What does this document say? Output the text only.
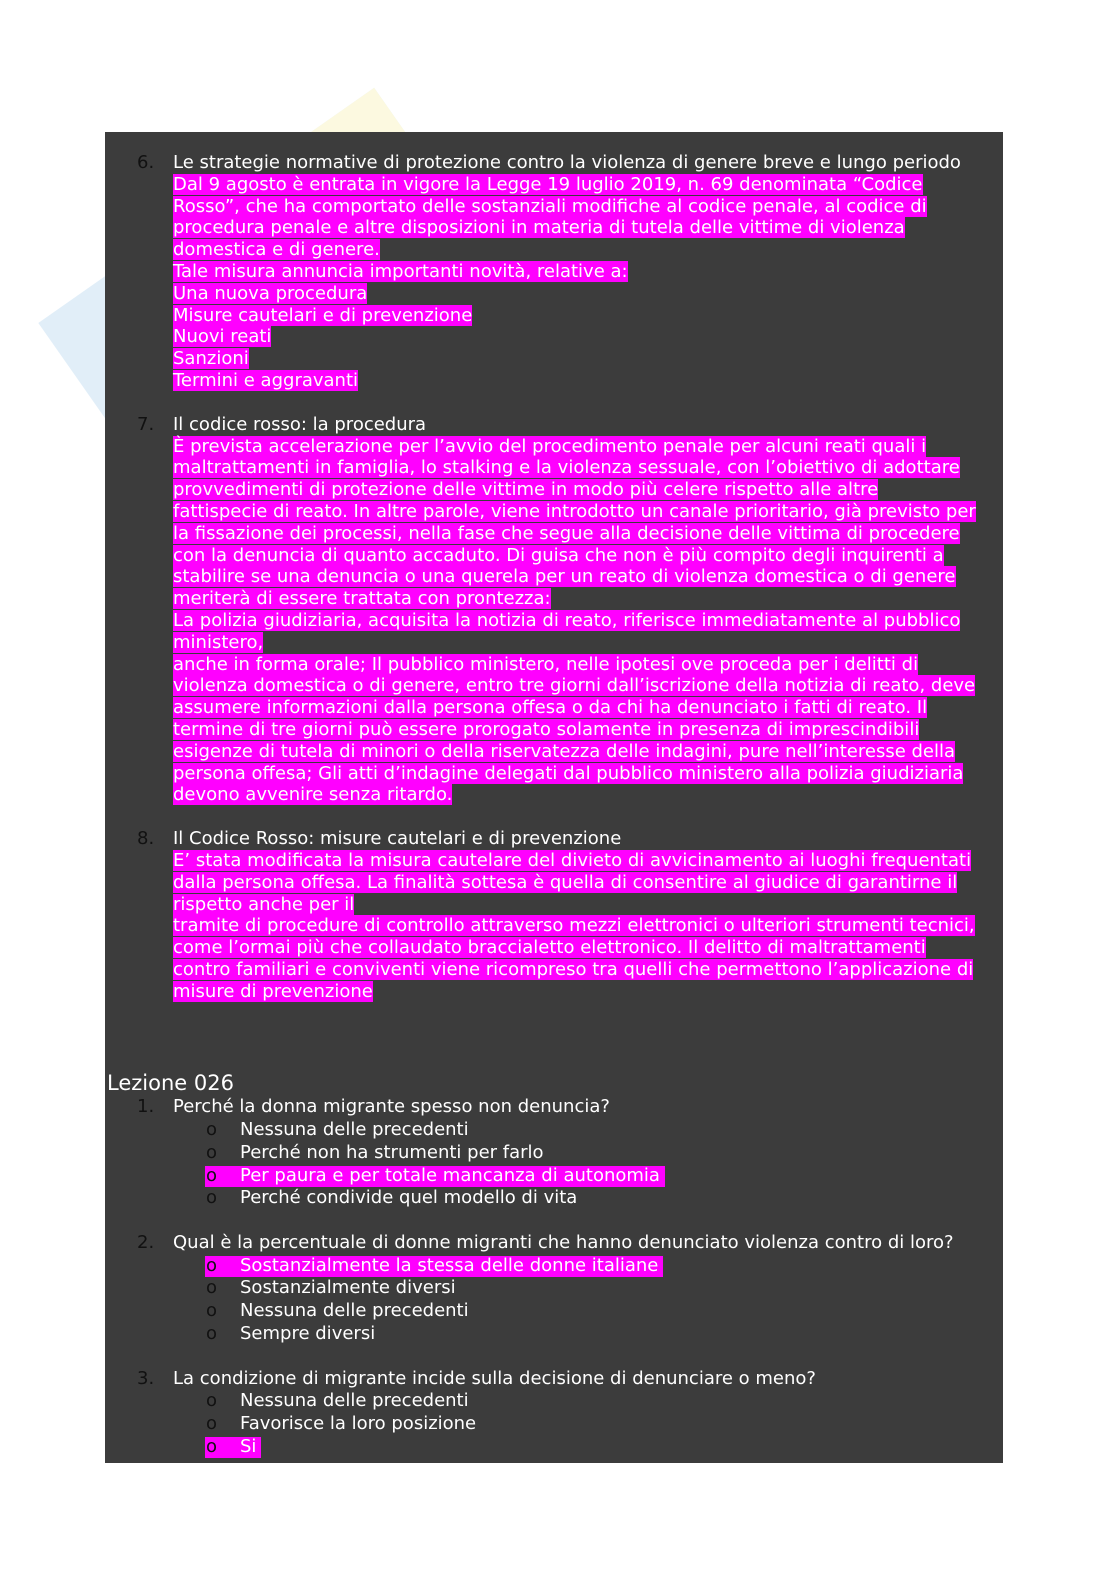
6. Le strategie normative di protezione contro la violenza di genere breve e lungo periodo
Dal 9 agosto è entrata in vigore la Legge 19 luglio 2019, n. 69 denominata “Codice
Rosso”, che ha comportato delle sostanziali modifiche al codice penale, al codice di
procedura penale e altre disposizioni in materia di tutela delle vittime di violenza
domestica e di genere.
Tale misura annuncia importanti novità, relative a:
Una nuova procedura
Misure cautelari e di prevenzione
Nuovi reati
Sanzioni
Termini e aggravanti
7. Il codice rosso: la procedura
È prevista accelerazione per l’avvio del procedimento penale per alcuni reati quali i
maltrattamenti in famiglia, lo stalking e la violenza sessuale, con l’obiettivo di adottare
provvedimenti di protezione delle vittime in modo più celere rispetto alle altre
fattispecie di reato. In altre parole, viene introdotto un canale prioritario, già previsto per
la fissazione dei processi, nella fase che segue alla decisione delle vittima di procedere
con la denuncia di quanto accaduto. Di guisa che non è più compito degli inquirenti a
stabilire se una denuncia o una querela per un reato di violenza domestica o di genere
meriterà di essere trattata con prontezza:
La polizia giudiziaria, acquisita la notizia di reato, riferisce immediatamente al pubblico
ministero,
anche in forma orale; Il pubblico ministero, nelle ipotesi ove proceda per i delitti di
violenza domestica o di genere, entro tre giorni dall’iscrizione della notizia di reato, deve
assumere informazioni dalla persona offesa o da chi ha denunciato i fatti di reato. Il
termine di tre giorni può essere prorogato solamente in presenza di imprescindibili
esigenze di tutela di minori o della riservatezza delle indagini, pure nell’interesse della
persona offesa; Gli atti d’indagine delegati dal pubblico ministero alla polizia giudiziaria
devono avvenire senza ritardo.
8. Il Codice Rosso: misure cautelari e di prevenzione
E’ stata modificata la misura cautelare del divieto di avvicinamento ai luoghi frequentati
dalla persona offesa. La finalità sottesa è quella di consentire al giudice di garantirne il
rispetto anche per il
tramite di procedure di controllo attraverso mezzi elettronici o ulteriori strumenti tecnici,
come l’ormai più che collaudato braccialetto elettronico. Il delitto di maltrattamenti
contro familiari e conviventi viene ricompreso tra quelli che permettono l’applicazione di
misure di prevenzione
Lezione 026
1. Perché la donna migrante spesso non denuncia?
o Nessuna delle precedenti
o Perché non ha strumenti per farlo
o Per paura e per totale mancanza di autonomia
o Perché condivide quel modello di vita
2. Qual è la percentuale di donne migranti che hanno denunciato violenza contro di loro?
o Sostanzialmente la stessa delle donne italiane
o Sostanzialmente diversi
o Nessuna delle precedenti
o Sempre diversi
3. La condizione di migrante incide sulla decisione di denunciare o meno?
o Nessuna delle precedenti
o Favorisce la loro posizione
o Si
